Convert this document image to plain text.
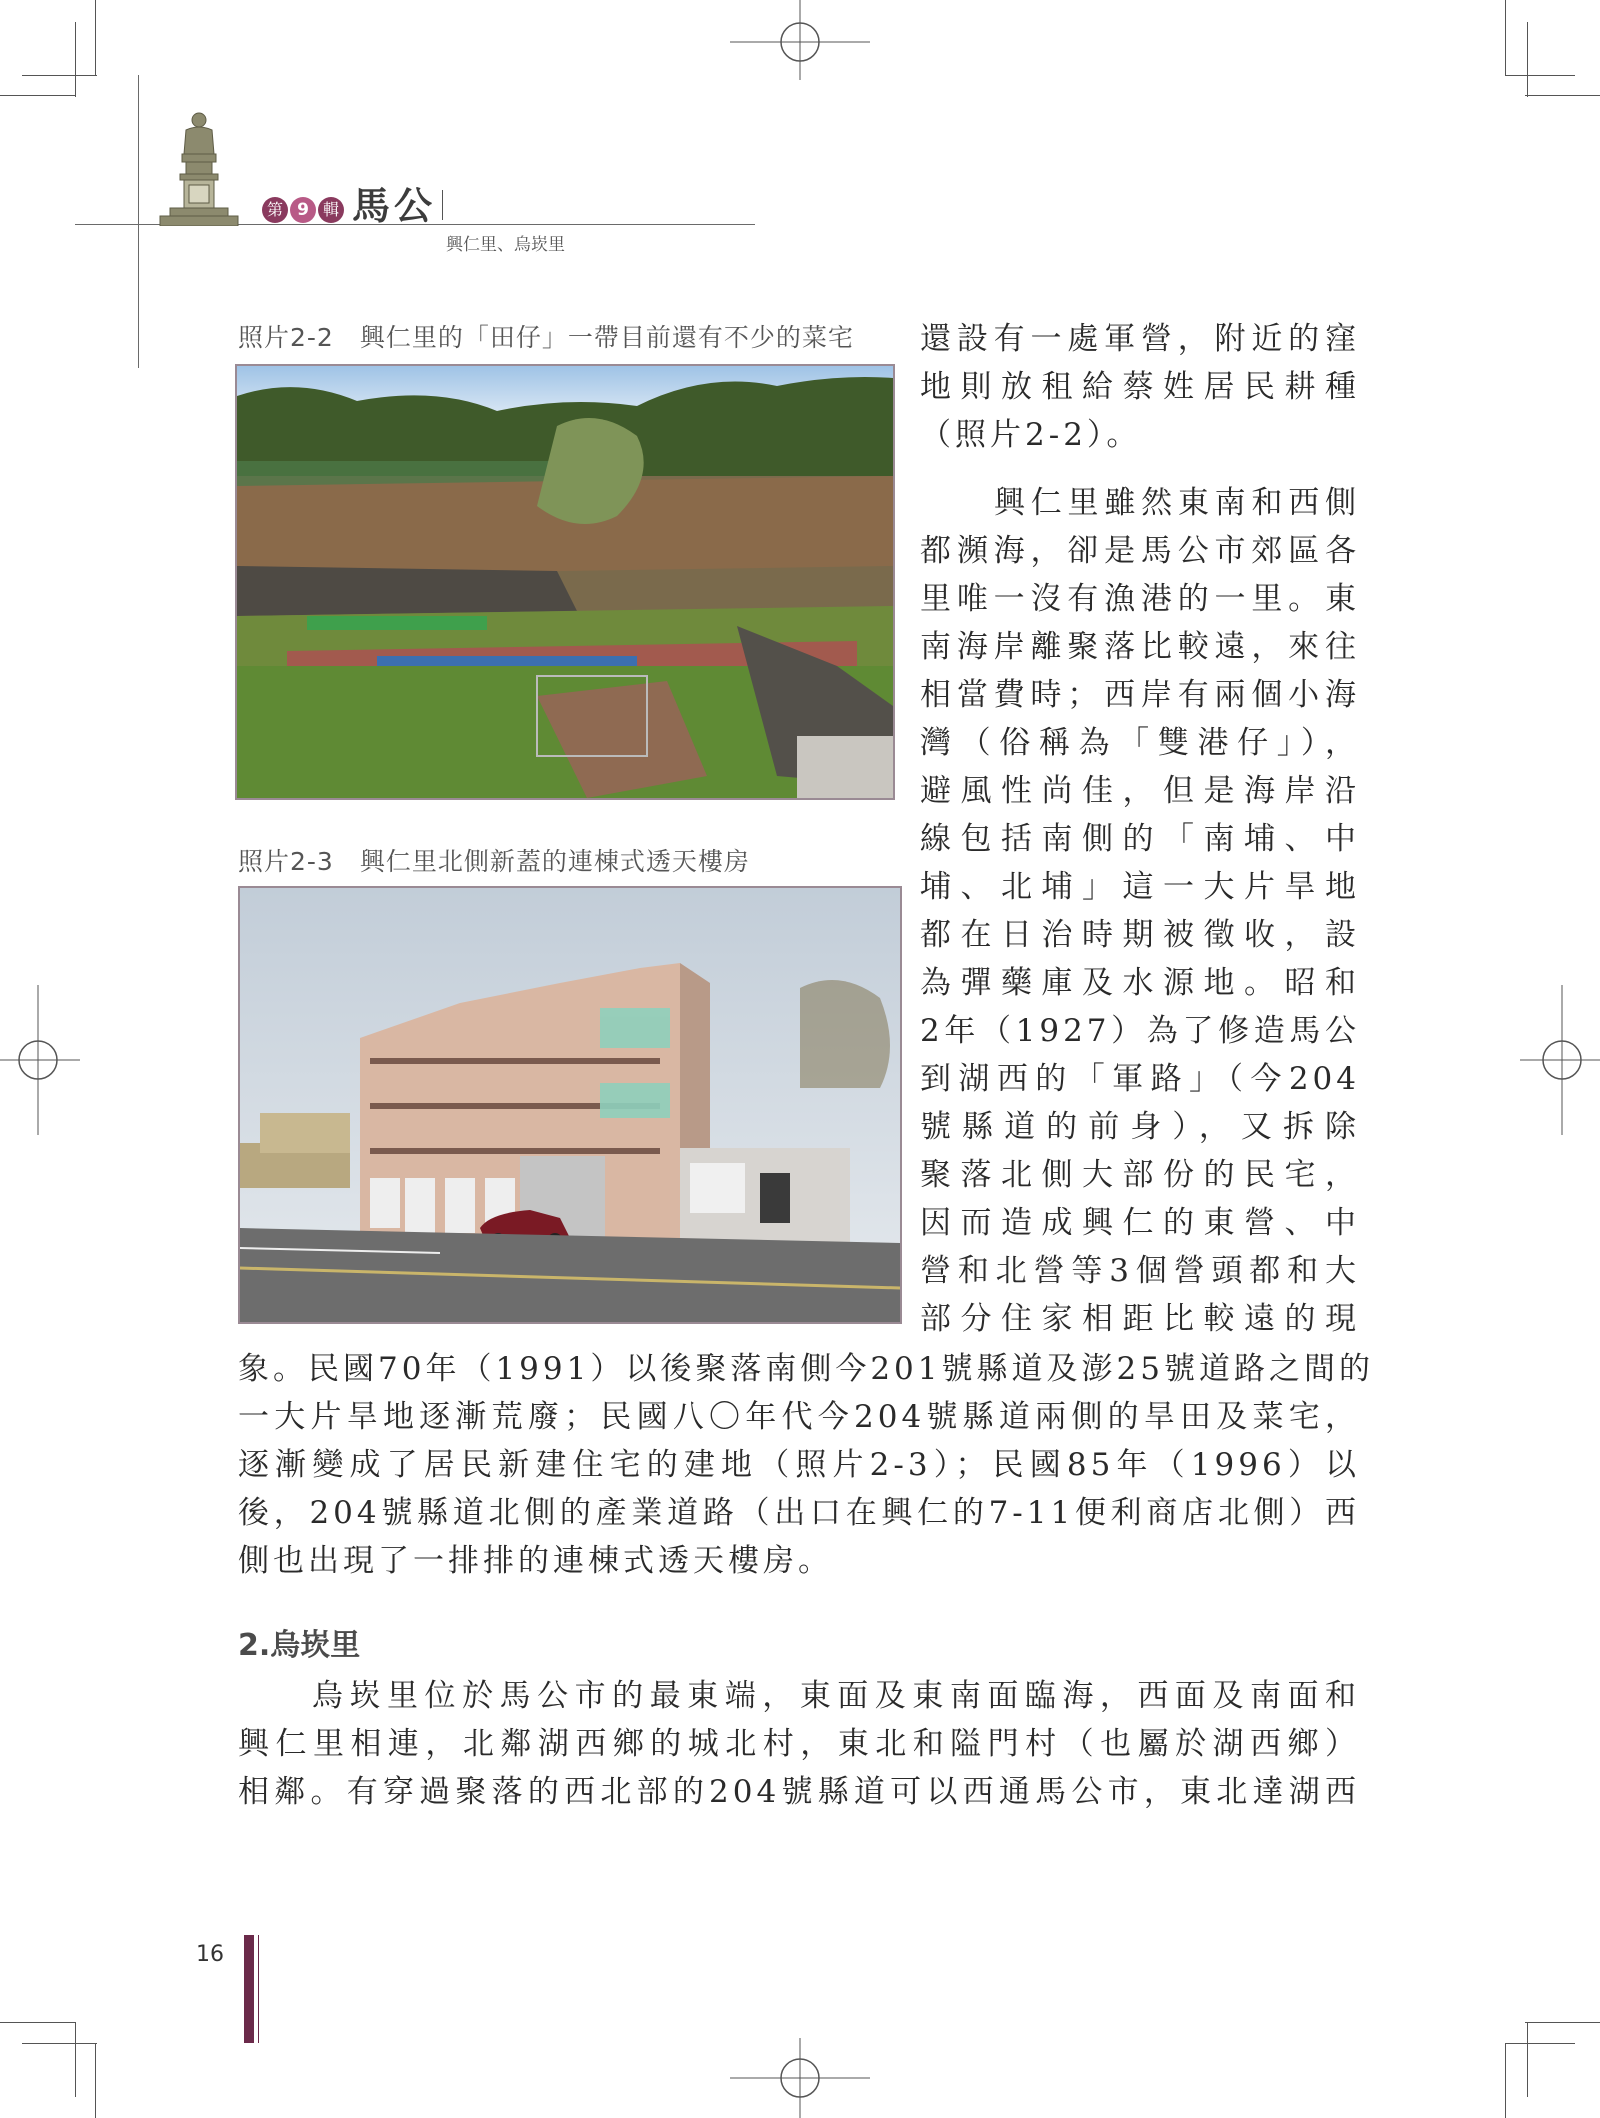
第 9 輯 馬公
興仁里、烏崁里
照片2-2　興仁里的「田仔」一帶目前還有不少的菜宅
照片2-3　興仁里北側新蓋的連棟式透天樓房
還設有一處軍營，附近的窪
地則放租給蔡姓居民耕種
（照片2-2）。
興仁里雖然東南和西側
都瀕海，卻是馬公市郊區各
里唯一沒有漁港的一里。東
南海岸離聚落比較遠，來往
相當費時；西岸有兩個小海
灣（俗稱為「雙港仔」），
避風性尚佳，但是海岸沿
線包括南側的「南埔、中
埔、北埔」這一大片旱地
都在日治時期被徵收，設
為彈藥庫及水源地。昭和
2年（1927）為了修造馬公
到湖西的「軍路」（今204
號縣道的前身），又拆除
聚落北側大部份的民宅，
因而造成興仁的東營、中
營和北營等3個營頭都和大
部分住家相距比較遠的現
象。民國70年（1991）以後聚落南側今201號縣道及澎25號道路之間的
一大片旱地逐漸荒廢；民國八〇年代今204號縣道兩側的旱田及菜宅，
逐漸變成了居民新建住宅的建地（照片2-3）；民國85年（1996）以
後，204號縣道北側的產業道路（出口在興仁的7-11便利商店北側）西
側也出現了一排排的連棟式透天樓房。
2.烏崁里
烏崁里位於馬公市的最東端，東面及東南面臨海，西面及南面和
興仁里相連，北鄰湖西鄉的城北村，東北和隘門村（也屬於湖西鄉）
相鄰。有穿過聚落的西北部的204號縣道可以西通馬公市，東北達湖西
16
